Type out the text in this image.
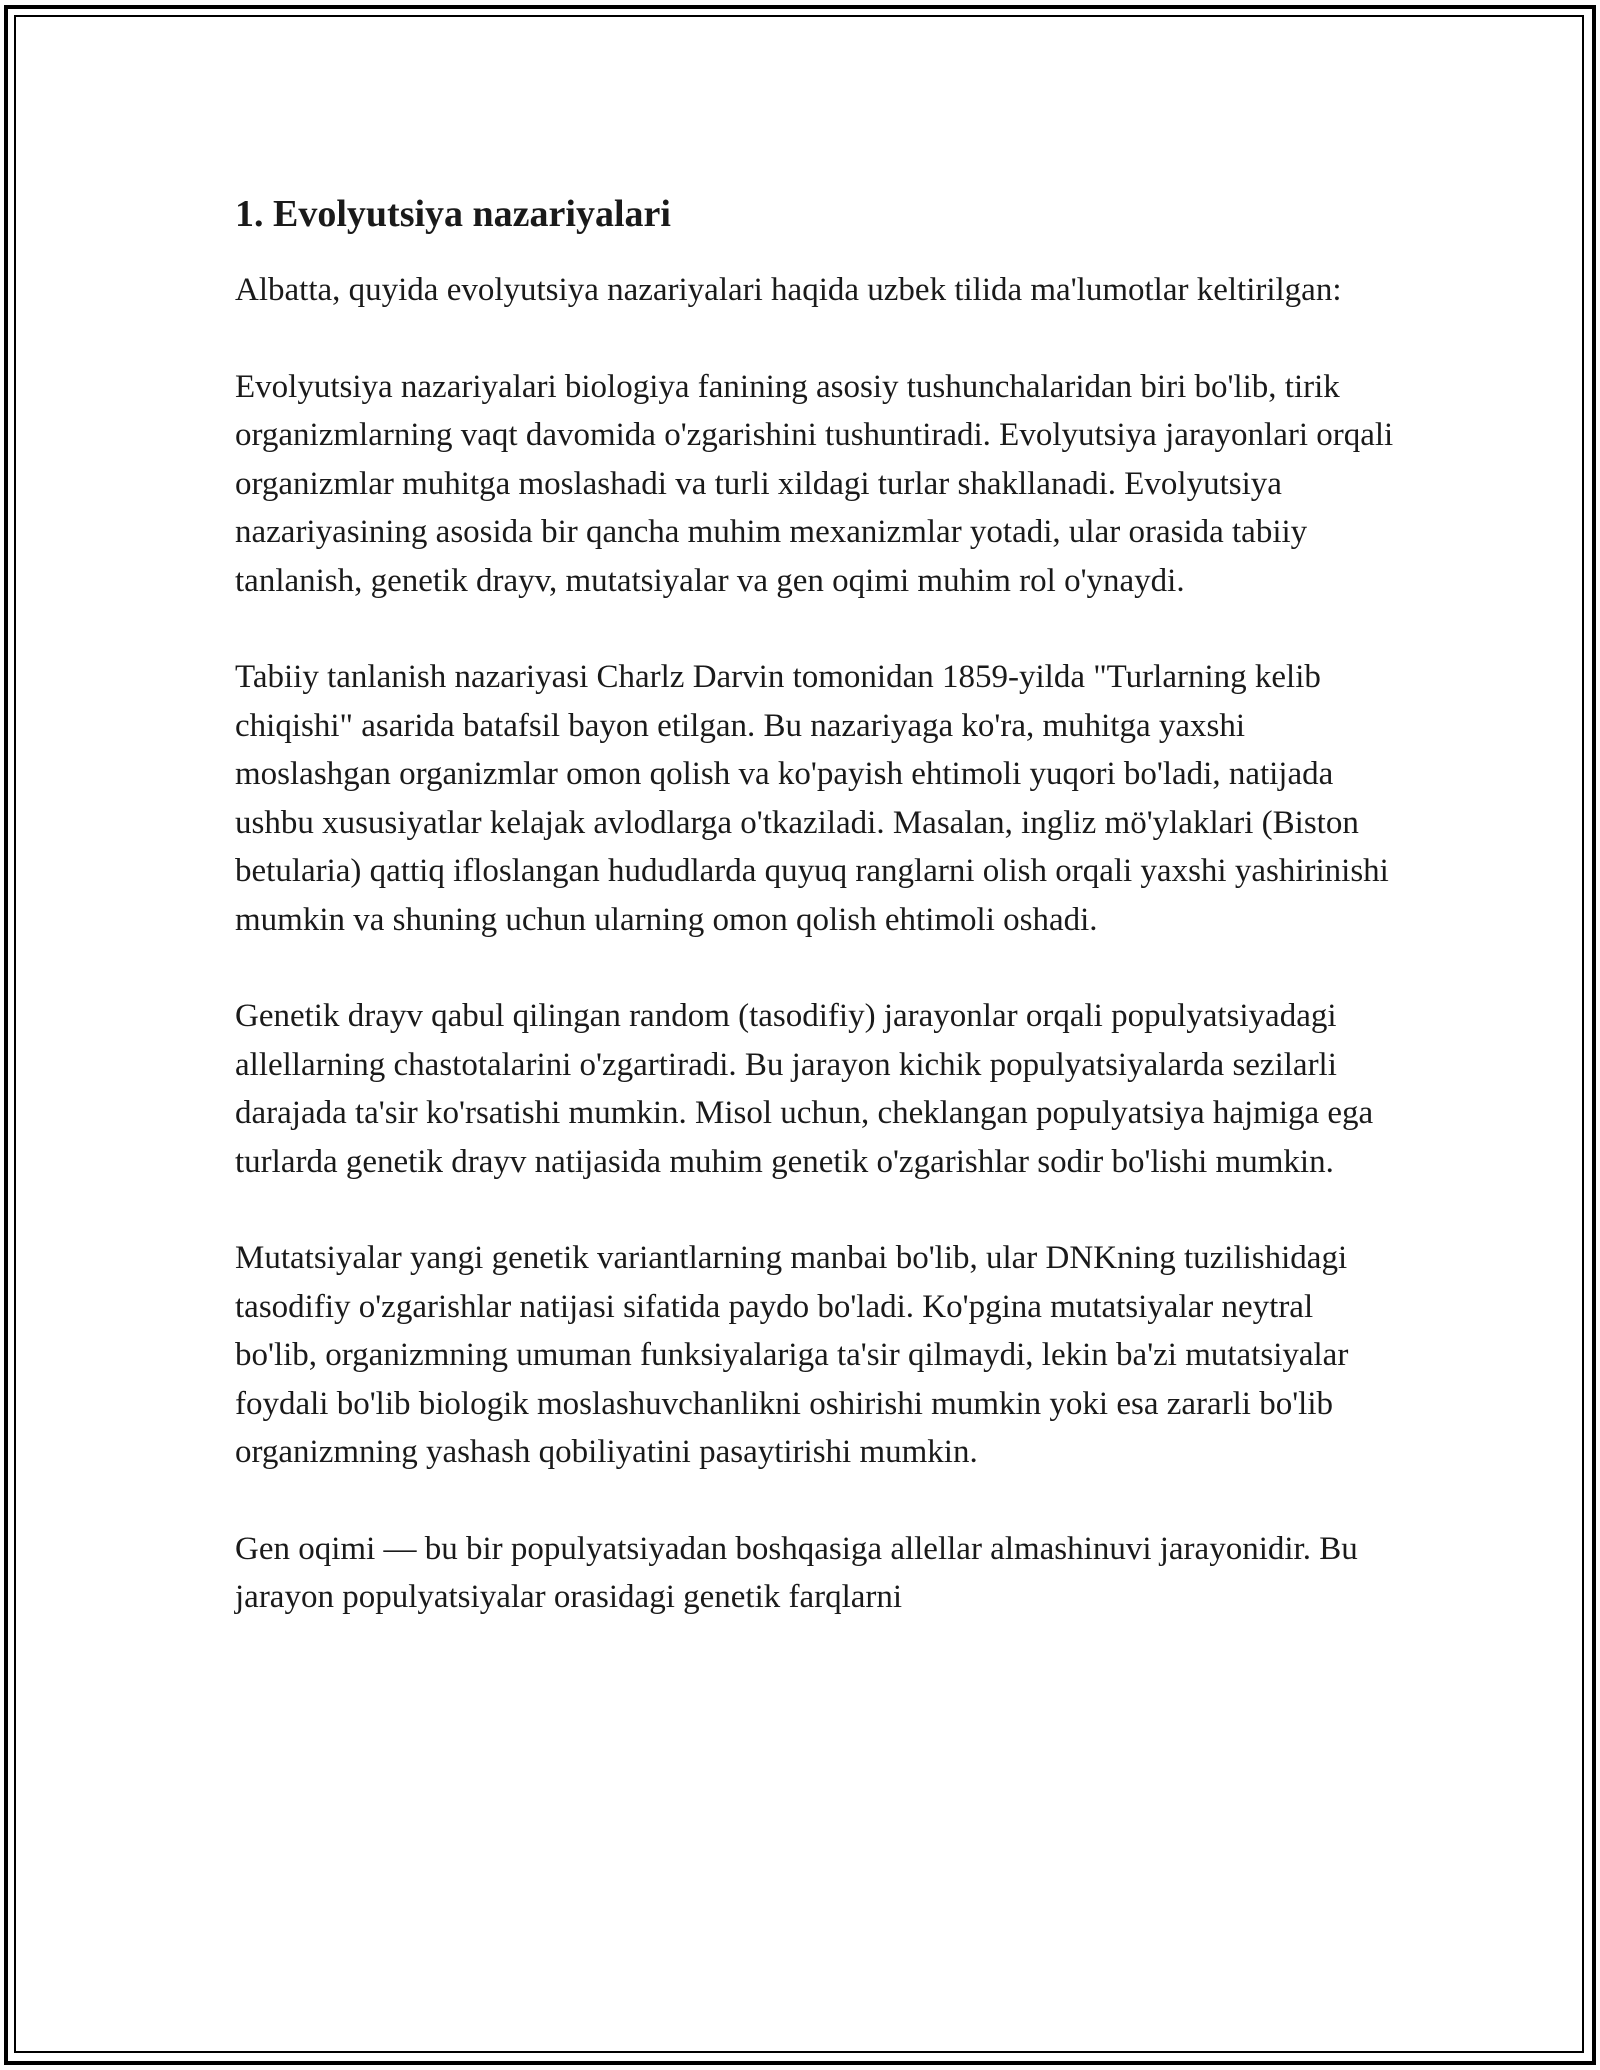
1. Evolyutsiya nazariyalari

Albatta, quyida evolyutsiya nazariyalari haqida uzbek tilida ma'lumotlar keltirilgan:

Evolyutsiya nazariyalari biologiya fanining asosiy tushunchalaridan biri bo'lib, tirik organizmlarning vaqt davomida o'zgarishini tushuntiradi. Evolyutsiya jarayonlari orqali organizmlar muhitga moslashadi va turli xildagi turlar shakllanadi. Evolyutsiya nazariyasining asosida bir qancha muhim mexanizmlar yotadi, ular orasida tabiiy tanlanish, genetik drayv, mutatsiyalar va gen oqimi muhim rol o'ynaydi.

Tabiiy tanlanish nazariyasi Charlz Darvin tomonidan 1859-yilda "Turlarning kelib chiqishi" asarida batafsil bayon etilgan. Bu nazariyaga ko'ra, muhitga yaxshi moslashgan organizmlar omon qolish va ko'payish ehtimoli yuqori bo'ladi, natijada ushbu xususiyatlar kelajak avlodlarga o'tkaziladi. Masalan, ingliz mö'ylaklari (Biston betularia) qattiq ifloslangan hududlarda quyuq ranglarni olish orqali yaxshi yashirinishi mumkin va shuning uchun ularning omon qolish ehtimoli oshadi.

Genetik drayv qabul qilingan random (tasodifiy) jarayonlar orqali populyatsiyadagi allellarning chastotalarini o'zgartiradi. Bu jarayon kichik populyatsiyalarda sezilarli darajada ta'sir ko'rsatishi mumkin. Misol uchun, cheklangan populyatsiya hajmiga ega turlarda genetik drayv natijasida muhim genetik o'zgarishlar sodir bo'lishi mumkin.

Mutatsiyalar yangi genetik variantlarning manbai bo'lib, ular DNKning tuzilishidagi tasodifiy o'zgarishlar natijasi sifatida paydo bo'ladi. Ko'pgina mutatsiyalar neytral bo'lib, organizmning umuman funksiyalariga ta'sir qilmaydi, lekin ba'zi mutatsiyalar foydali bo'lib biologik moslashuvchanlikni oshirishi mumkin yoki esa zararli bo'lib organizmning yashash qobiliyatini pasaytirishi mumkin.

Gen oqimi — bu bir populyatsiyadan boshqasiga allellar almashinuvi jarayonidir. Bu jarayon populyatsiyalar orasidagi genetik farqlarni
